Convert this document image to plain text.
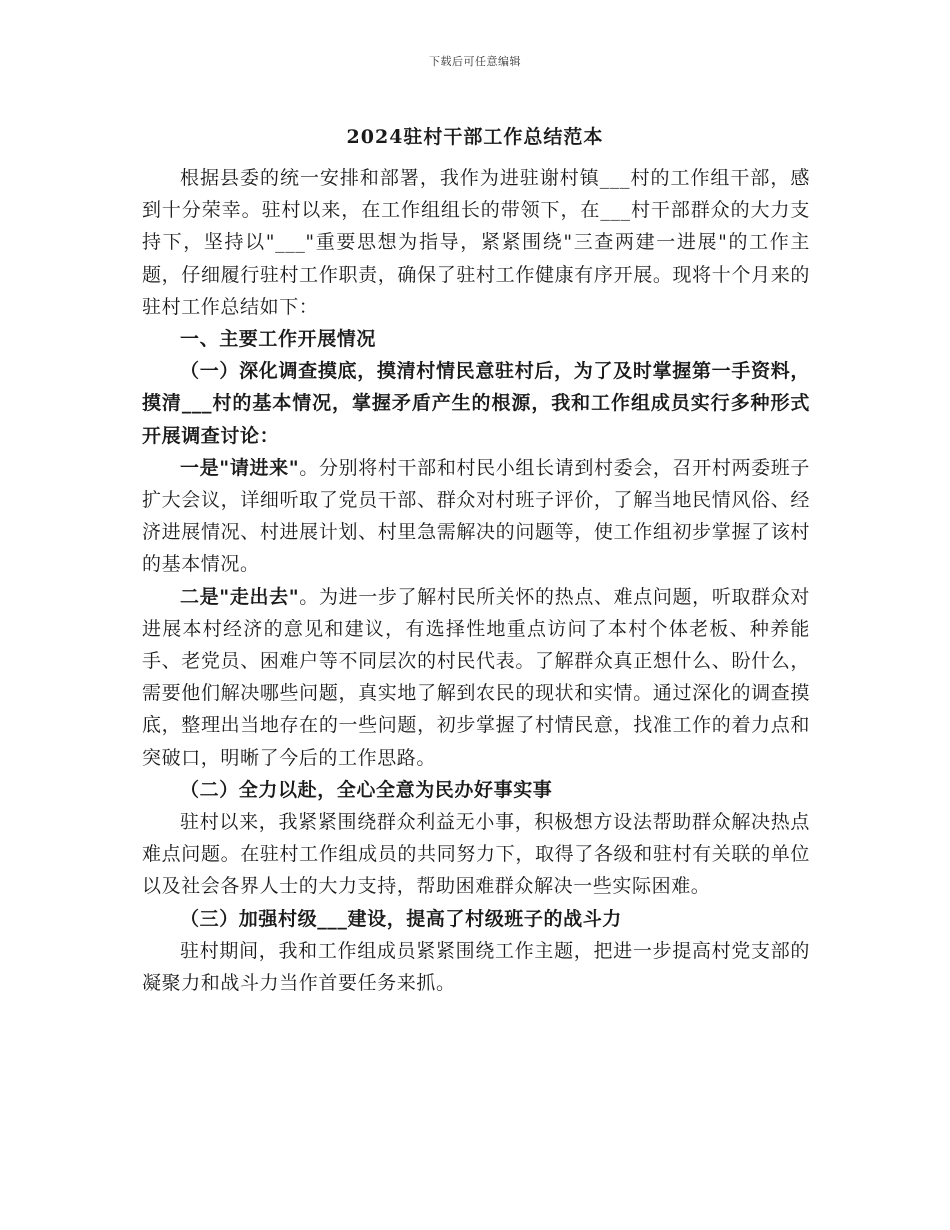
下载后可任意编辑
2024驻村干部工作总结范本

根据县委的统一安排和部署，我作为进驻谢村镇___村的工作组干部，感到十分荣幸。驻村以来，在工作组组长的带领下，在___村干部群众的大力支持下，坚持以"___"重要思想为指导，紧紧围绕"三查两建一进展"的工作主题，仔细履行驻村工作职责，确保了驻村工作健康有序开展。现将十个月来的驻村工作总结如下：

一、主要工作开展情况

（一）深化调查摸底，摸清村情民意驻村后，为了及时掌握第一手资料，摸清___村的基本情况，掌握矛盾产生的根源，我和工作组成员实行多种形式开展调查讨论：

一是"请进来"。分别将村干部和村民小组长请到村委会，召开村两委班子扩大会议，详细听取了党员干部、群众对村班子评价，了解当地民情风俗、经济进展情况、村进展计划、村里急需解决的问题等，使工作组初步掌握了该村的基本情况。

二是"走出去"。为进一步了解村民所关怀的热点、难点问题，听取群众对进展本村经济的意见和建议，有选择性地重点访问了本村个体老板、种养能手、老党员、困难户等不同层次的村民代表。了解群众真正想什么、盼什么，需要他们解决哪些问题，真实地了解到农民的现状和实情。通过深化的调查摸底，整理出当地存在的一些问题，初步掌握了村情民意，找准工作的着力点和突破口，明晰了今后的工作思路。

（二）全力以赴，全心全意为民办好事实事

驻村以来，我紧紧围绕群众利益无小事，积极想方设法帮助群众解决热点难点问题。在驻村工作组成员的共同努力下，取得了各级和驻村有关联的单位以及社会各界人士的大力支持，帮助困难群众解决一些实际困难。

（三）加强村级___建设，提高了村级班子的战斗力

驻村期间，我和工作组成员紧紧围绕工作主题，把进一步提高村党支部的凝聚力和战斗力当作首要任务来抓。
